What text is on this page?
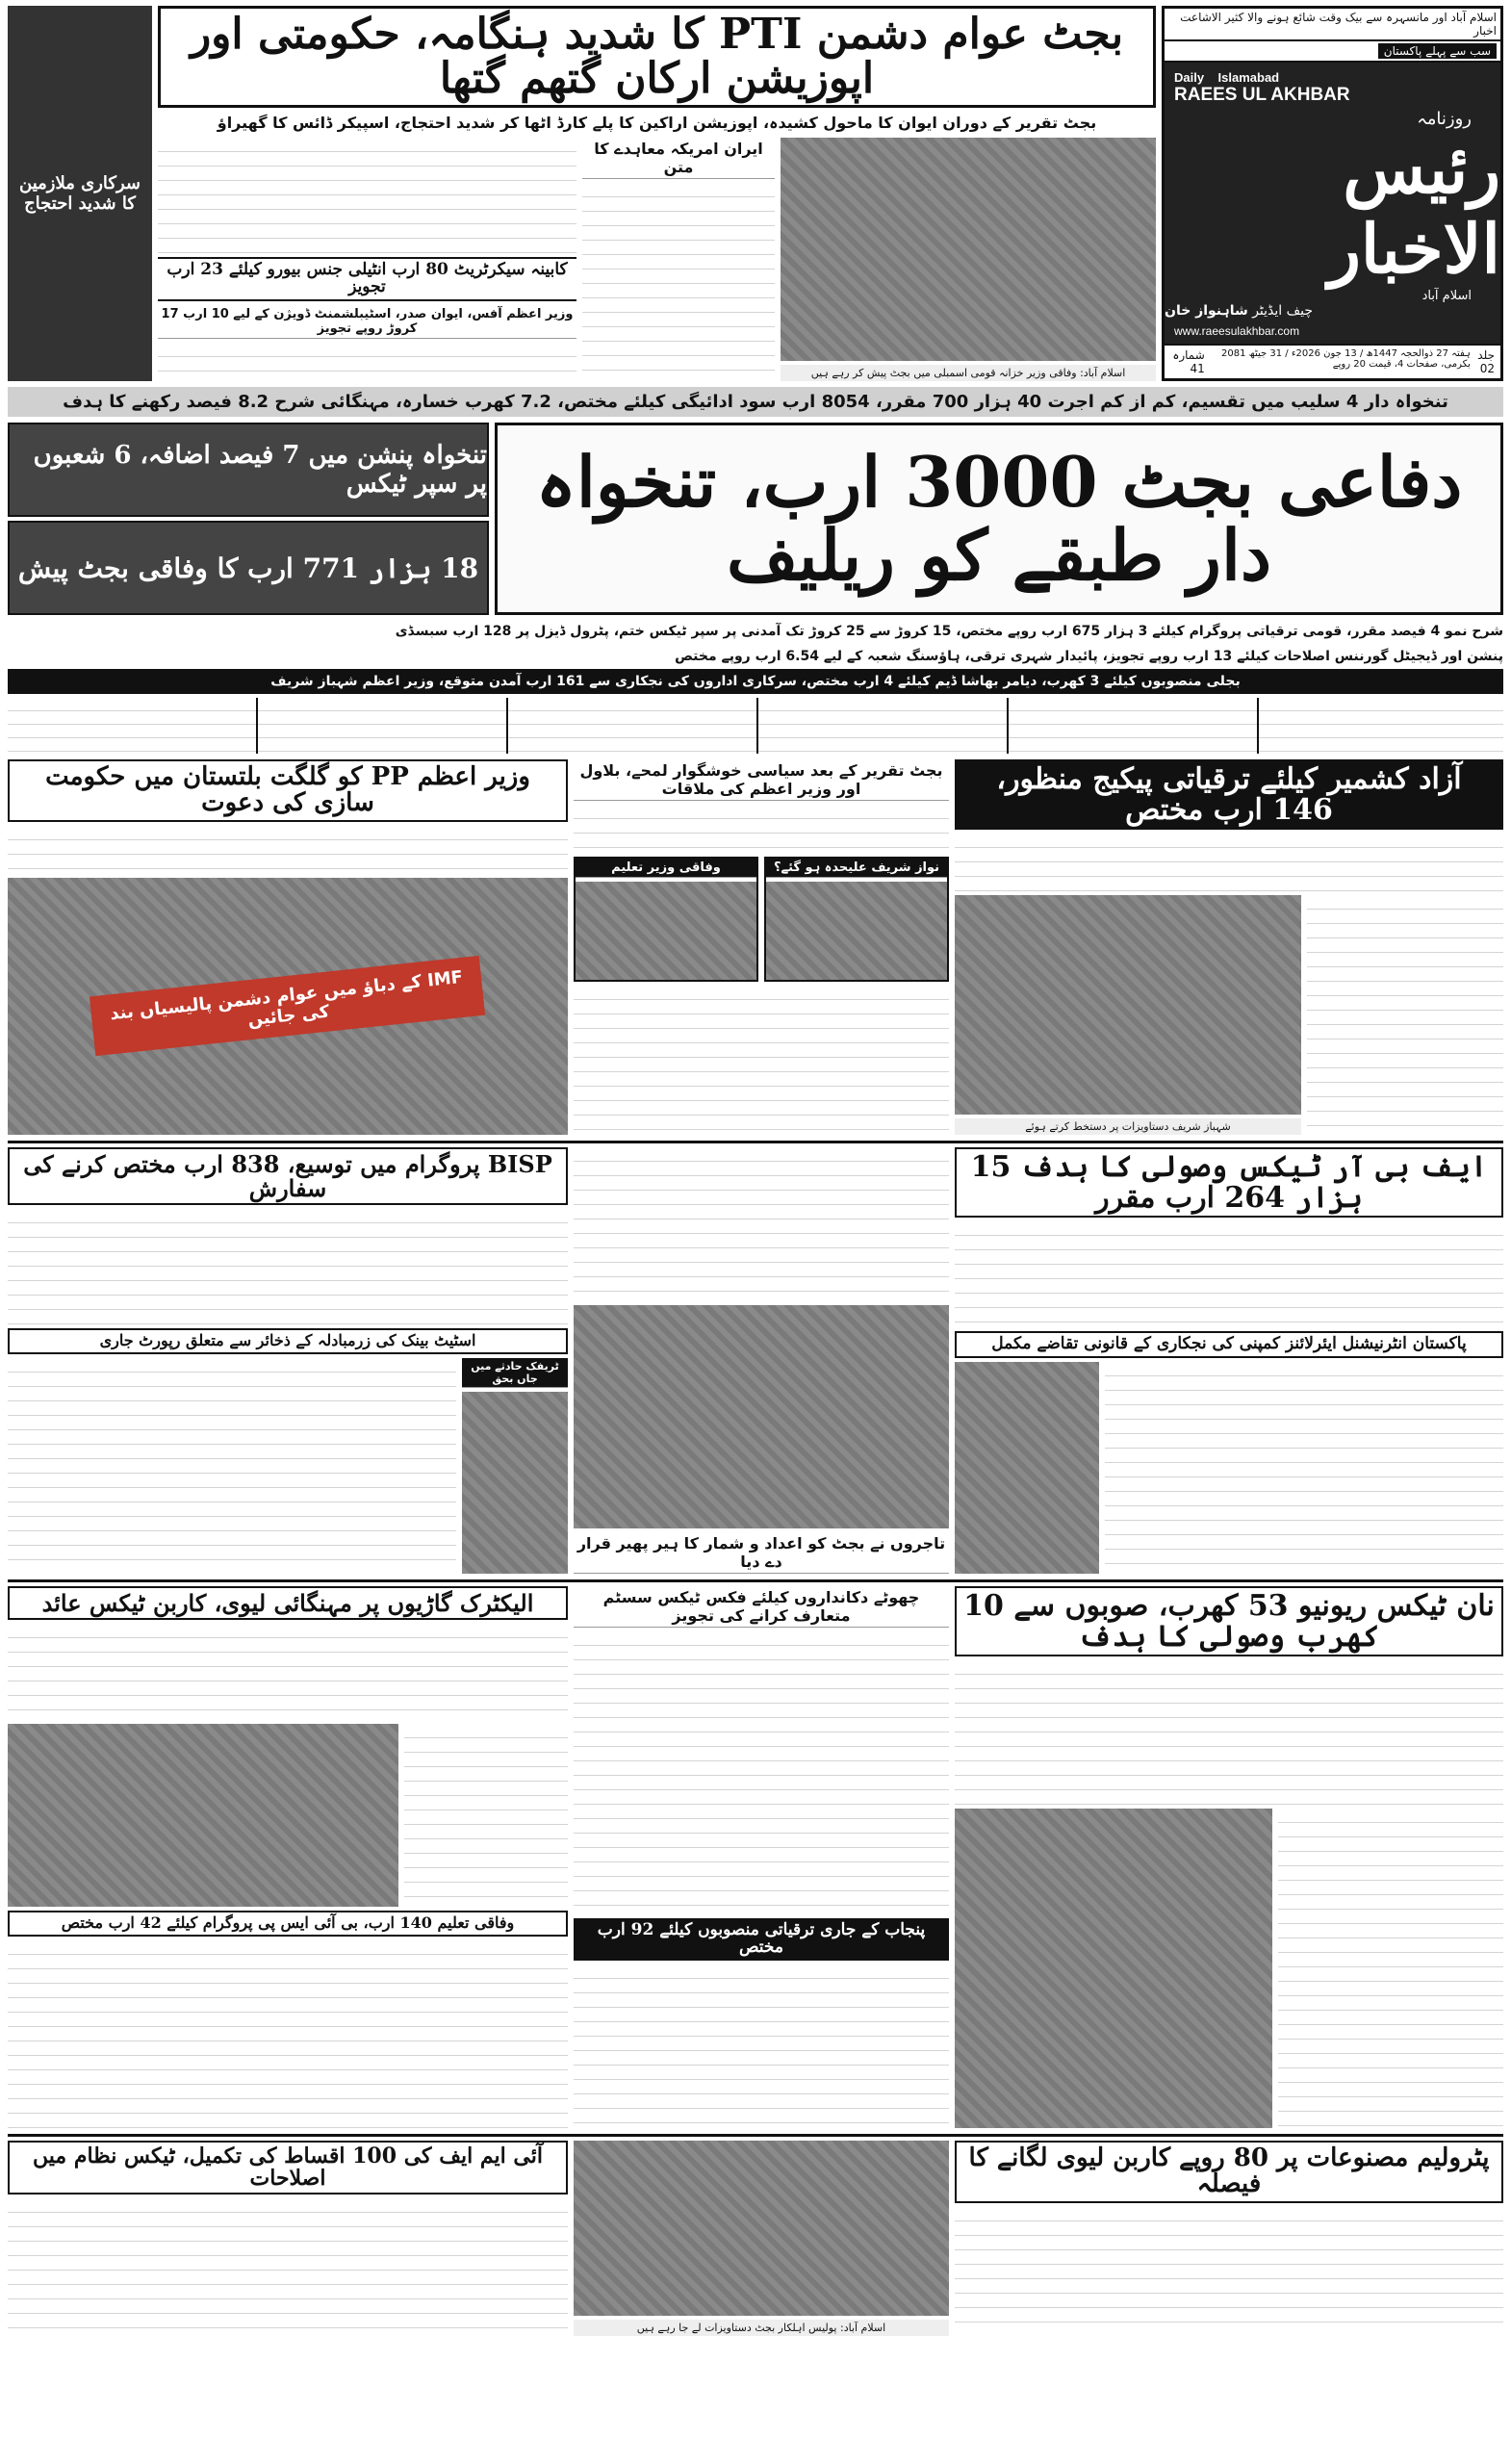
اسلام آباد اور مانسہرہ سے بیک وقت شائع ہونے والا کثیر الاشاعت اخبار
سب سے پہلے پاکستان
Daily Islamabad
RAEES UL AKHBAR
روزنامہ
رئیس الاخبار
اسلام آباد
چیف ایڈیٹر شاہنواز خان
www.raeesulakhbar.com
جلد 02
ہفتہ 27 ذوالحجہ 1447ھ / 13 جون 2026ء / 31 جیٹھ 2081 بکرمی، صفحات 4، قیمت 20 روپے
شمارہ 41
بجٹ عوام دشمن PTI کا شدید ہنگامہ، حکومتی اور اپوزیشن ارکان گتھم گتھا
بجٹ تقریر کے دوران ایوان کا ماحول کشیدہ، اپوزیشن اراکین کا پلے کارڈ اٹھا کر شدید احتجاج، اسپیکر ڈائس کا گھیراؤ
اسلام آباد: وفاقی وزیر خزانہ قومی اسمبلی میں بجٹ پیش کر رہے ہیں
ایران امریکہ معاہدے کا متن
کابینہ سیکرٹریٹ 80 ارب انٹیلی جنس بیورو کیلئے 23 ارب تجویز
وزیر اعظم آفس، ایوان صدر، اسٹیبلشمنٹ ڈویژن کے لیے 10 ارب 17 کروڑ روپے تجویز
سرکاری ملازمین کا شدید احتجاج
تنخواہ دار 4 سلیب میں تقسیم، کم از کم اجرت 40 ہزار 700 مقرر، 8054 ارب سود ادائیگی کیلئے مختص، 7.2 کھرب خسارہ، مہنگائی شرح 8.2 فیصد رکھنے کا ہدف
دفاعی بجٹ 3000 ارب، تنخواہ دار طبقے کو ریلیف
تنخواہ پنشن میں 7 فیصد اضافہ، 6 شعبوں پر سپر ٹیکس
18 ہزار 771 ارب کا وفاقی بجٹ پیش
شرح نمو 4 فیصد مقرر، قومی ترقیاتی پروگرام کیلئے 3 ہزار 675 ارب روپے مختص، 15 کروڑ سے 25 کروڑ تک آمدنی پر سپر ٹیکس ختم، پٹرول ڈیزل پر 128 ارب سبسڈی
پنشن اور ڈیجیٹل گورننس اصلاحات کیلئے 13 ارب روپے تجویز، پائیدار شہری ترقی، ہاؤسنگ شعبہ کے لیے 6.54 ارب روپے مختص
بجلی منصوبوں کیلئے 3 کھرب، دیامر بھاشا ڈیم کیلئے 4 ارب مختص، سرکاری اداروں کی نجکاری سے 161 ارب آمدن متوقع، وزیر اعظم شہباز شریف
آزاد کشمیر کیلئے ترقیاتی پیکیج منظور، 146 ارب مختص
شہباز شریف دستاویزات پر دستخط کرتے ہوئے
بجٹ تقریر کے بعد سیاسی خوشگوار لمحے، بلاول اور وزیر اعظم کی ملاقات
نواز شریف علیحدہ ہو گئے؟
وفاقی وزیر تعلیم
وزیر اعظم PP کو گلگت بلتستان میں حکومت سازی کی دعوت
IMF کے دباؤ میں عوام دشمن پالیسیاں بند کی جائیں
ایف بی آر ٹیکس وصولی کا ہدف 15 ہزار 264 ارب مقرر
پاکستان انٹرنیشنل ایئرلائنز کمپنی کی نجکاری کے قانونی تقاضے مکمل
تاجروں نے بجٹ کو اعداد و شمار کا ہیر پھیر قرار دے دیا
BISP پروگرام میں توسیع، 838 ارب مختص کرنے کی سفارش
اسٹیٹ بینک کی زرمبادلہ کے ذخائر سے متعلق رپورٹ جاری
ٹریفک حادثے میں جاں بحق
نان ٹیکس ریونیو 53 کھرب، صوبوں سے 10 کھرب وصولی کا ہدف
چھوٹے دکانداروں کیلئے فکس ٹیکس سسٹم متعارف کرانے کی تجویز
پنجاب کے جاری ترقیاتی منصوبوں کیلئے 92 ارب مختص
الیکٹرک گاڑیوں پر مہنگائی لیوی، کاربن ٹیکس عائد
وفاقی تعلیم 140 ارب، بی آئی ایس پی پروگرام کیلئے 42 ارب مختص
پٹرولیم مصنوعات پر 80 روپے کاربن لیوی لگانے کا فیصلہ
اسلام آباد: پولیس اہلکار بجٹ دستاویزات لے جا رہے ہیں
آئی ایم ایف کی 100 اقساط کی تکمیل، ٹیکس نظام میں اصلاحات
